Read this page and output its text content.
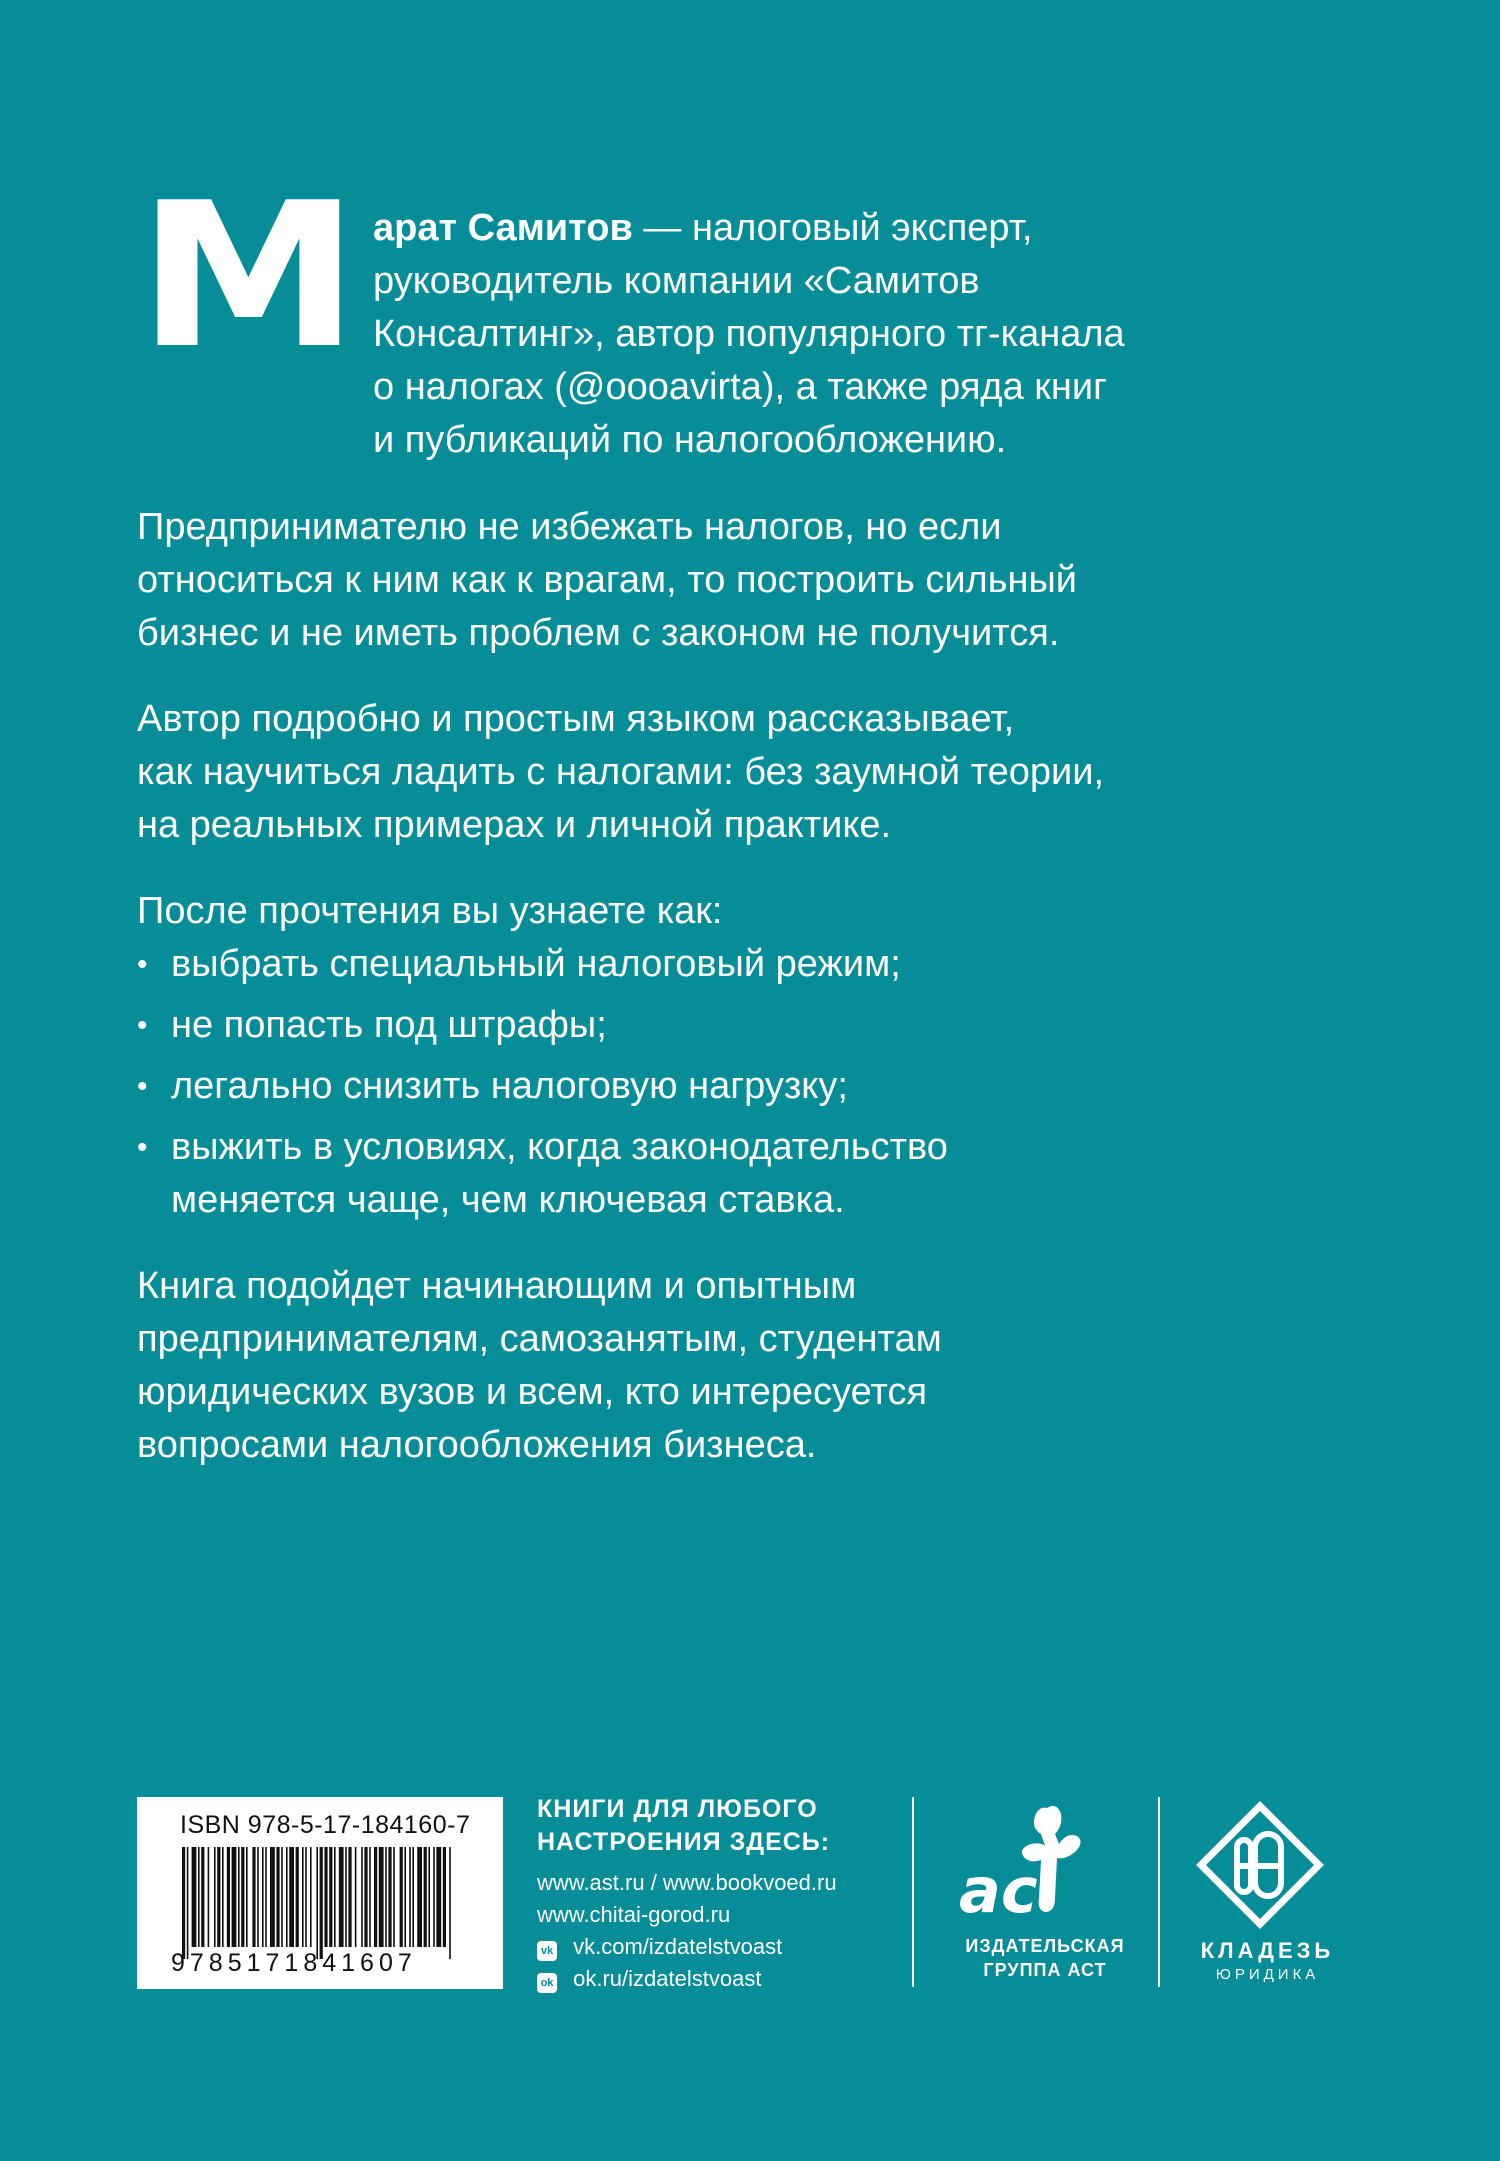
М арат Самитов — налоговый эксперт,
руководитель компании «Самитов
Консалтинг», автор популярного тг-канала
о налогах (@oooavirta), а также ряда книг
и публикаций по налогообложению.
Предпринимателю не избежать налогов, но если
относиться к ним как к врагам, то построить сильный
бизнес и не иметь проблем с законом не получится.
Автор подробно и простым языком рассказывает,
как научиться ладить с налогами: без заумной теории,
на реальных примерах и личной практике.
После прочтения вы узнаете как:
• выбрать специальный налоговый режим;
• не попасть под штрафы;
• легально снизить налоговую нагрузку;
• выжить в условиях, когда законодательство
меняется чаще, чем ключевая ставка.
Книга подойдет начинающим и опытным
предпринимателям, самозанятым, студентам
юридических вузов и всем, кто интересуется
вопросами налогообложения бизнеса.
ISBN 978-5-17-184160-7
9785171841607
КНИГИ ДЛЯ ЛЮБОГО
НАСТРОЕНИЯ ЗДЕСЬ:
www.ast.ru / www.bookvoed.ru
www.chitai-gorod.ru
vk vk.com/izdatelstvoast
ok ok.ru/izdatelstvoast
ac
ИЗДАТЕЛЬСКАЯ
ГРУППА АСТ
КЛАДЕЗЬ
ЮРИДИКА
